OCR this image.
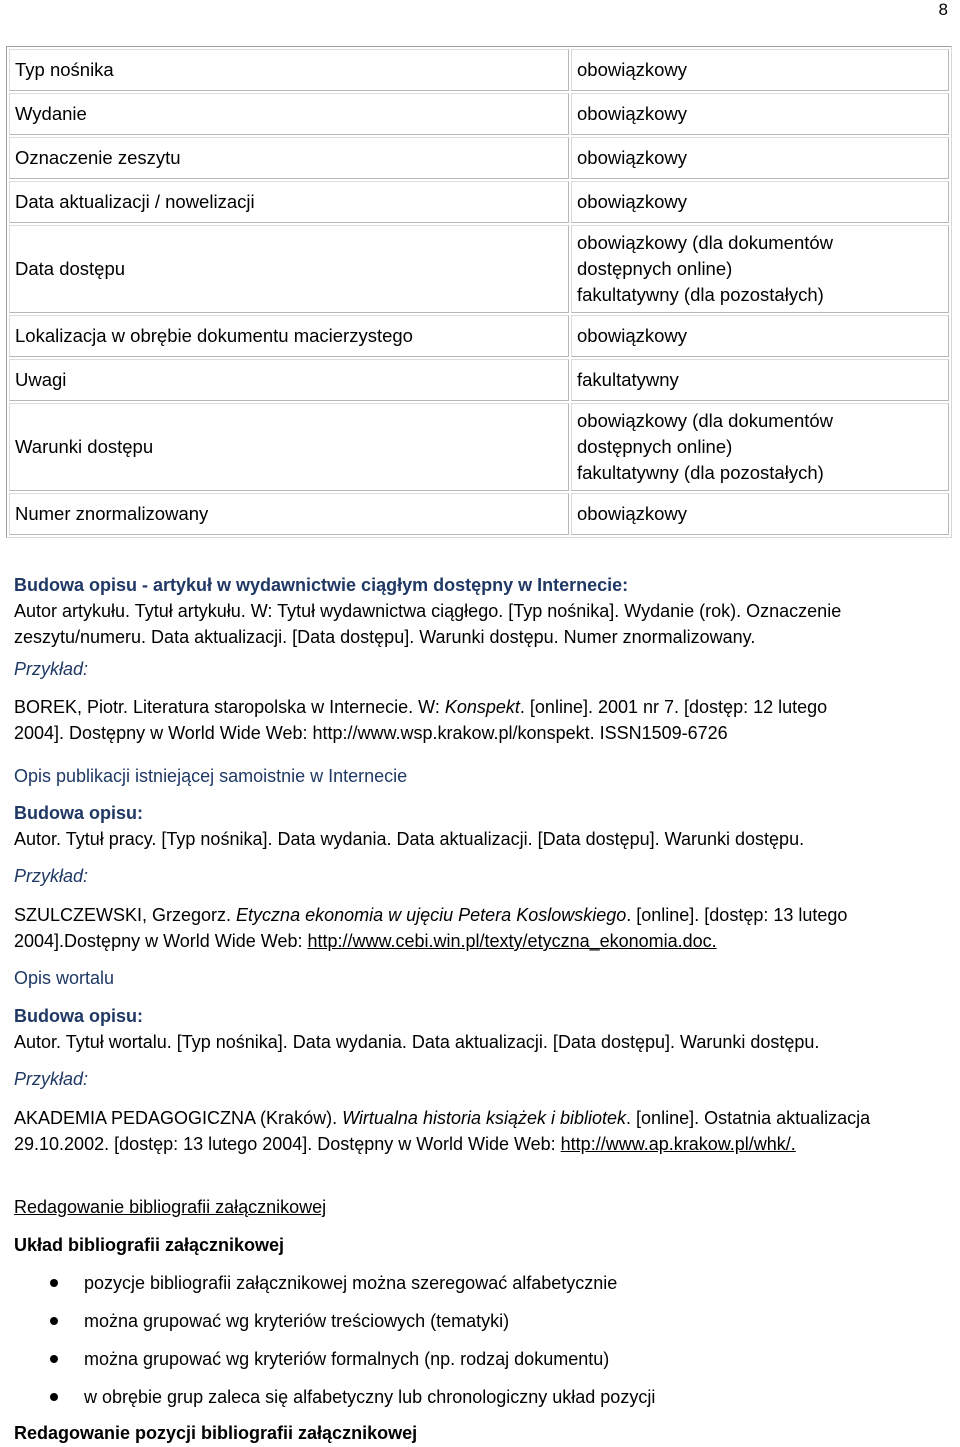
8
Typ nośnika	obowiązkowy

Wydanie	obowiązkowy

Oznaczenie zeszytu	obowiązkowy

Data aktualizacji / nowelizacji	obowiązkowy

Data dostępu	obowiązkowy (dla dokumentów
dostępnych online)
fakultatywny (dla pozostałych)

Lokalizacja w obrębie dokumentu macierzystego	obowiązkowy

Uwagi	fakultatywny

Warunki dostępu	obowiązkowy (dla dokumentów
dostępnych online)
fakultatywny (dla pozostałych)

Numer znormalizowany	obowiązkowy
Budowa opisu - artykuł w wydawnictwie ciągłym dostępny w Internecie:
Autor artykułu. Tytuł artykułu. W: Tytuł wydawnictwa ciągłego. [Typ nośnika]. Wydanie (rok). Oznaczenie
zeszytu/numeru. Data aktualizacji. [Data dostępu]. Warunki dostępu. Numer znormalizowany.
Przykład:
BOREK, Piotr. Literatura staropolska w Internecie. W: Konspekt. [online]. 2001 nr 7. [dostęp: 12 lutego
2004]. Dostępny w World Wide Web: http://www.wsp.krakow.pl/konspekt. ISSN1509-6726
Opis publikacji istniejącej samoistnie w Internecie
Budowa opisu:
Autor. Tytuł pracy. [Typ nośnika]. Data wydania. Data aktualizacji. [Data dostępu]. Warunki dostępu.
Przykład:
SZULCZEWSKI, Grzegorz. Etyczna ekonomia w ujęciu Petera Koslowskiego. [online]. [dostęp: 13 lutego
2004].Dostępny w World Wide Web: http://www.cebi.win.pl/texty/etyczna_ekonomia.doc.
Opis wortalu
Budowa opisu:
Autor. Tytuł wortalu. [Typ nośnika]. Data wydania. Data aktualizacji. [Data dostępu]. Warunki dostępu.
Przykład:
AKADEMIA PEDAGOGICZNA (Kraków). Wirtualna historia książek i bibliotek. [online]. Ostatnia aktualizacja
29.10.2002. [dostęp: 13 lutego 2004]. Dostępny w World Wide Web: http://www.ap.krakow.pl/whk/.
Redagowanie bibliografii załącznikowej
Układ bibliografii załącznikowej
pozycje bibliografii załącznikowej można szeregować alfabetycznie
można grupować wg kryteriów treściowych (tematyki)
można grupować wg kryteriów formalnych (np. rodzaj dokumentu)
w obrębie grup zaleca się alfabetyczny lub chronologiczny układ pozycji
Redagowanie pozycji bibliografii załącznikowej
